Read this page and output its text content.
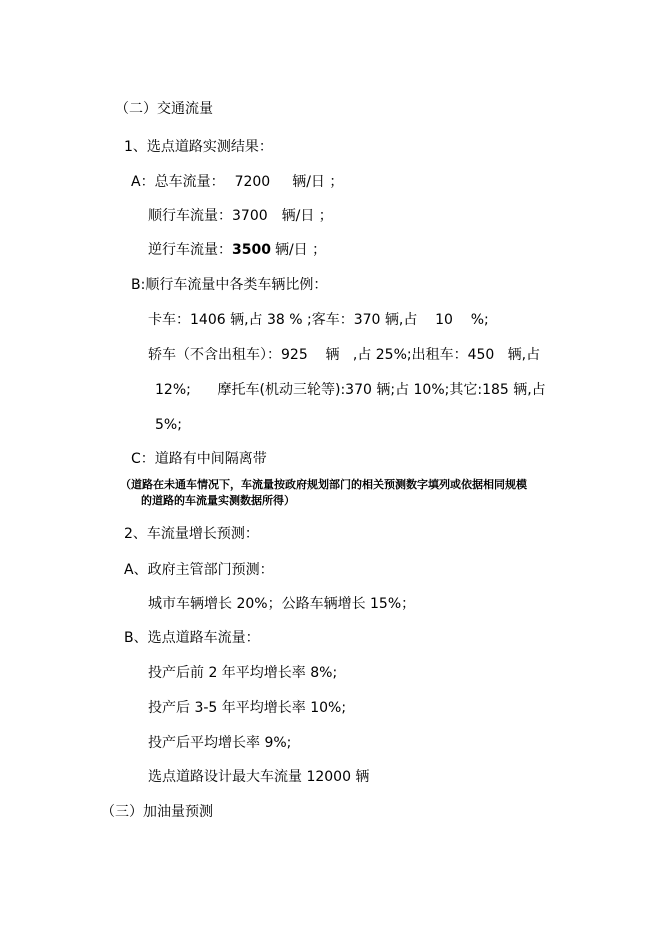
（二）交通流量
1、选点道路实测结果：
A：总车流量： 7200 辆/日 ；
顺行车流量：3700 辆/日 ；
逆行车流量：3500 辆/日 ；
B:顺行车流量中各类车辆比例：
卡车：1406 辆,占 38 % ;客车：370 辆,占    10    %;
轿车（不含出租车）：925    辆   ,占 25%;出租车：450   辆,占
12%;      摩托车(机动三轮等):370 辆;占 10%;其它:185 辆,占
5%;
C：道路有中间隔离带
（道路在未通车情况下，车流量按政府规划部门的相关预测数字填列或依据相同规模
的道路的车流量实测数据所得）
2、车流量增长预测：
A、政府主管部门预测：
城市车辆增长 20%；公路车辆增长 15%；
B、选点道路车流量：
投产后前 2 年平均增长率 8%;
投产后 3-5 年平均增长率 10%;
投产后平均增长率 9%;
选点道路设计最大车流量 12000 辆
（三）加油量预测
